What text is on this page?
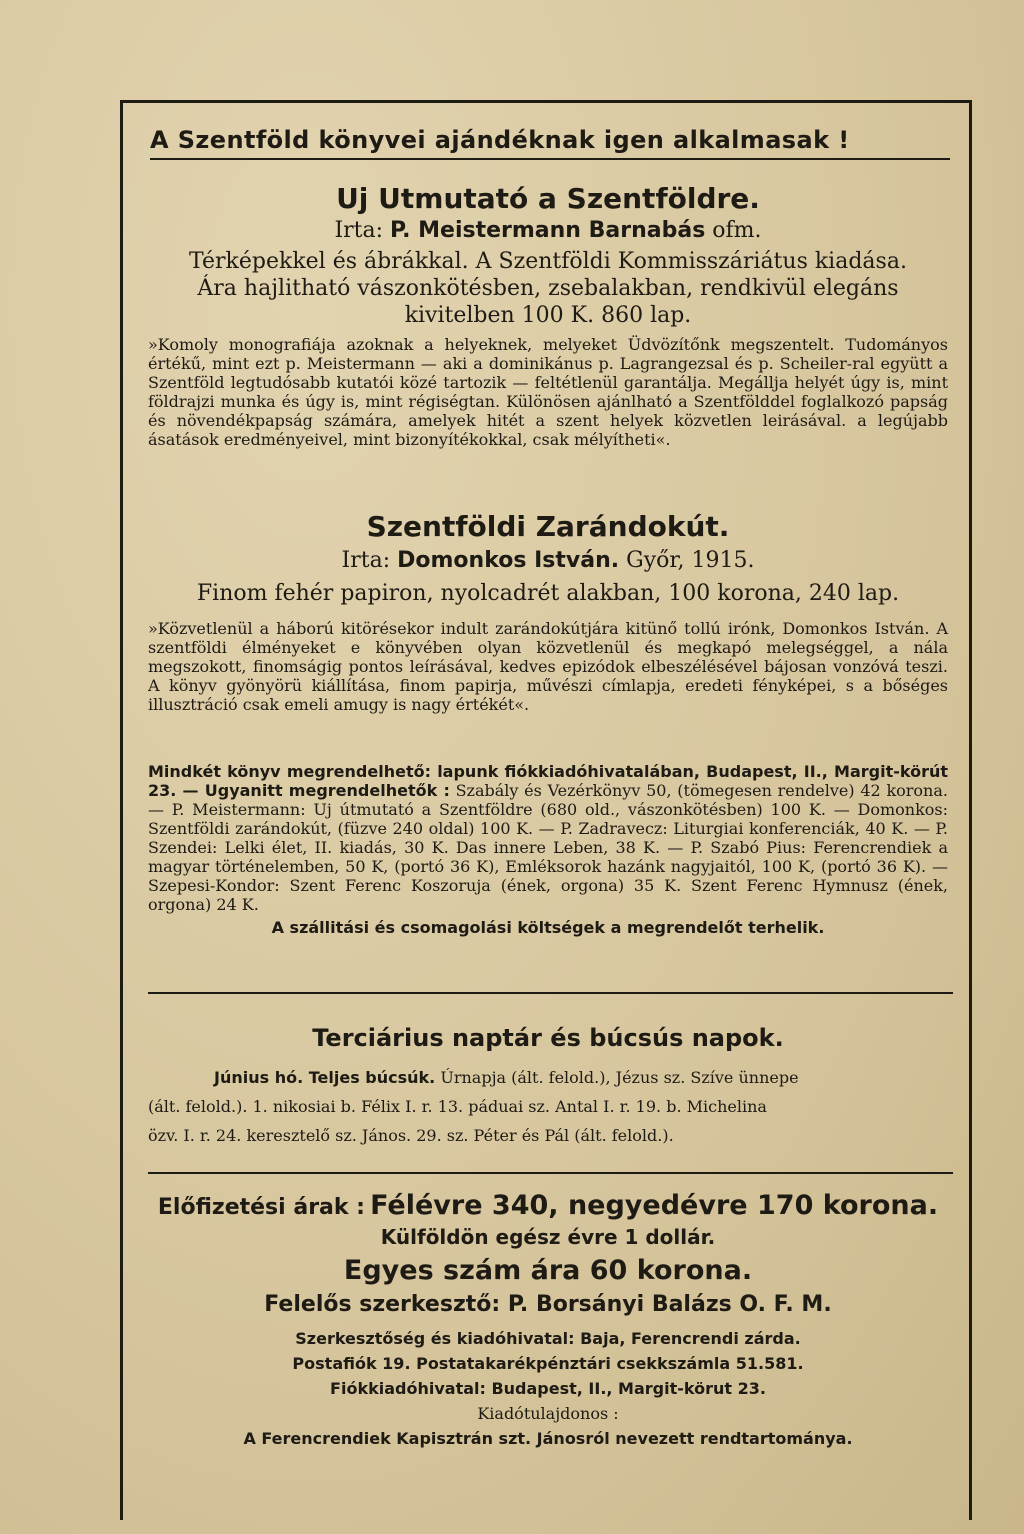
A Szentföld könyvei ajándéknak igen alkalmasak !
Uj Utmutató a Szentföldre.
Irta: P. Meistermann Barnabás ofm.
Térképekkel és ábrákkal. A Szentföldi Kommisszáriátus kiadása.
Ára hajlitható vászonkötésben, zsebalakban, rendkivül elegáns
kivitelben 100 K. 860 lap.

»Komoly monografiája azoknak a helyeknek, melyeket Üdvözítőnk megszentelt. Tudományos értékű, mint ezt p. Meistermann — aki a dominikánus p. Lagrangezsal és p. Scheiler-ral együtt a Szentföld legtudósabb kutatói közé tartozik — feltétlenül garantálja. Megállja helyét úgy is, mint földrajzi munka és úgy is, mint régiségtan. Különösen ajánlható a Szentfölddel foglalkozó papság és növendékpapság számára, amelyek hitét a szent helyek közvetlen leirásával. a legújabb ásatások eredményeivel, mint bizonyítékokkal, csak mélyítheti«.

Szentföldi Zarándokút.
Irta: Domonkos István. Győr, 1915.
Finom fehér papiron, nyolcadrét alakban, 100 korona, 240 lap.

»Közvetlenül a háború kitörésekor indult zarándokútjára kitünő tollú irónk, Domonkos István. A szentföldi élményeket e könyvében olyan közvetlenül és megkapó melegséggel, a nála megszokott, finomságig pontos leírásával, kedves epizódok elbeszélésével bájosan vonzóvá teszi. A könyv gyönyörü kiállítása, finom papirja, művészi címlapja, eredeti fényképei, s a bőséges illusztráció csak emeli amugy is nagy értékét«.

Mindkét könyv megrendelhető: lapunk fiókkiadóhivatalában, Budapest, II., Margit-körút 23. — Ugyanitt megrendelhetők : Szabály és Vezérkönyv 50, (tömegesen rendelve) 42 korona. — P. Meistermann: Uj útmutató a Szentföldre (680 old., vászonkötésben) 100 K. — Domonkos: Szentföldi zarándokút, (füzve 240 oldal) 100 K. — P. Zadravecz: Liturgiai konferenciák, 40 K. — P. Szendei: Lelki élet, II. kiadás, 30 K. Das innere Leben, 38 K. — P. Szabó Pius: Ferencrendiek a magyar történelemben, 50 K, (portó 36 K), Emléksorok hazánk nagyjaitól, 100 K, (portó 36 K). — Szepesi-Kondor: Szent Ferenc Koszoruja (ének, orgona) 35 K. Szent Ferenc Hymnusz (ének, orgona) 24 K.

A szállitási és csomagolási költségek a megrendelőt terhelik.
Terciárius naptár és búcsús napok.
Június hó. Teljes búcsúk. Úrnapja (ált. felold.), Jézus sz. Szíve ünnepe
(ált. felold.). 1. nikosiai b. Félix I. r. 13. páduai sz. Antal I. r. 19. b. Michelina
özv. I. r. 24. keresztelő sz. János. 29. sz. Péter és Pál (ált. felold.).
Előfizetési árak : Félévre 340, negyedévre 170 korona.
Külföldön egész évre 1 dollár.
Egyes szám ára 60 korona.
Felelős szerkesztő: P. Borsányi Balázs O. F. M.
Szerkesztőség és kiadóhivatal: Baja, Ferencrendi zárda.
Postafiók 19. Postatakarékpénztári csekkszámla 51.581.
Fiókkiadóhivatal: Budapest, II., Margit-körut 23.
Kiadótulajdonos :
A Ferencrendiek Kapisztrán szt. Jánosról nevezett rendtartománya.
